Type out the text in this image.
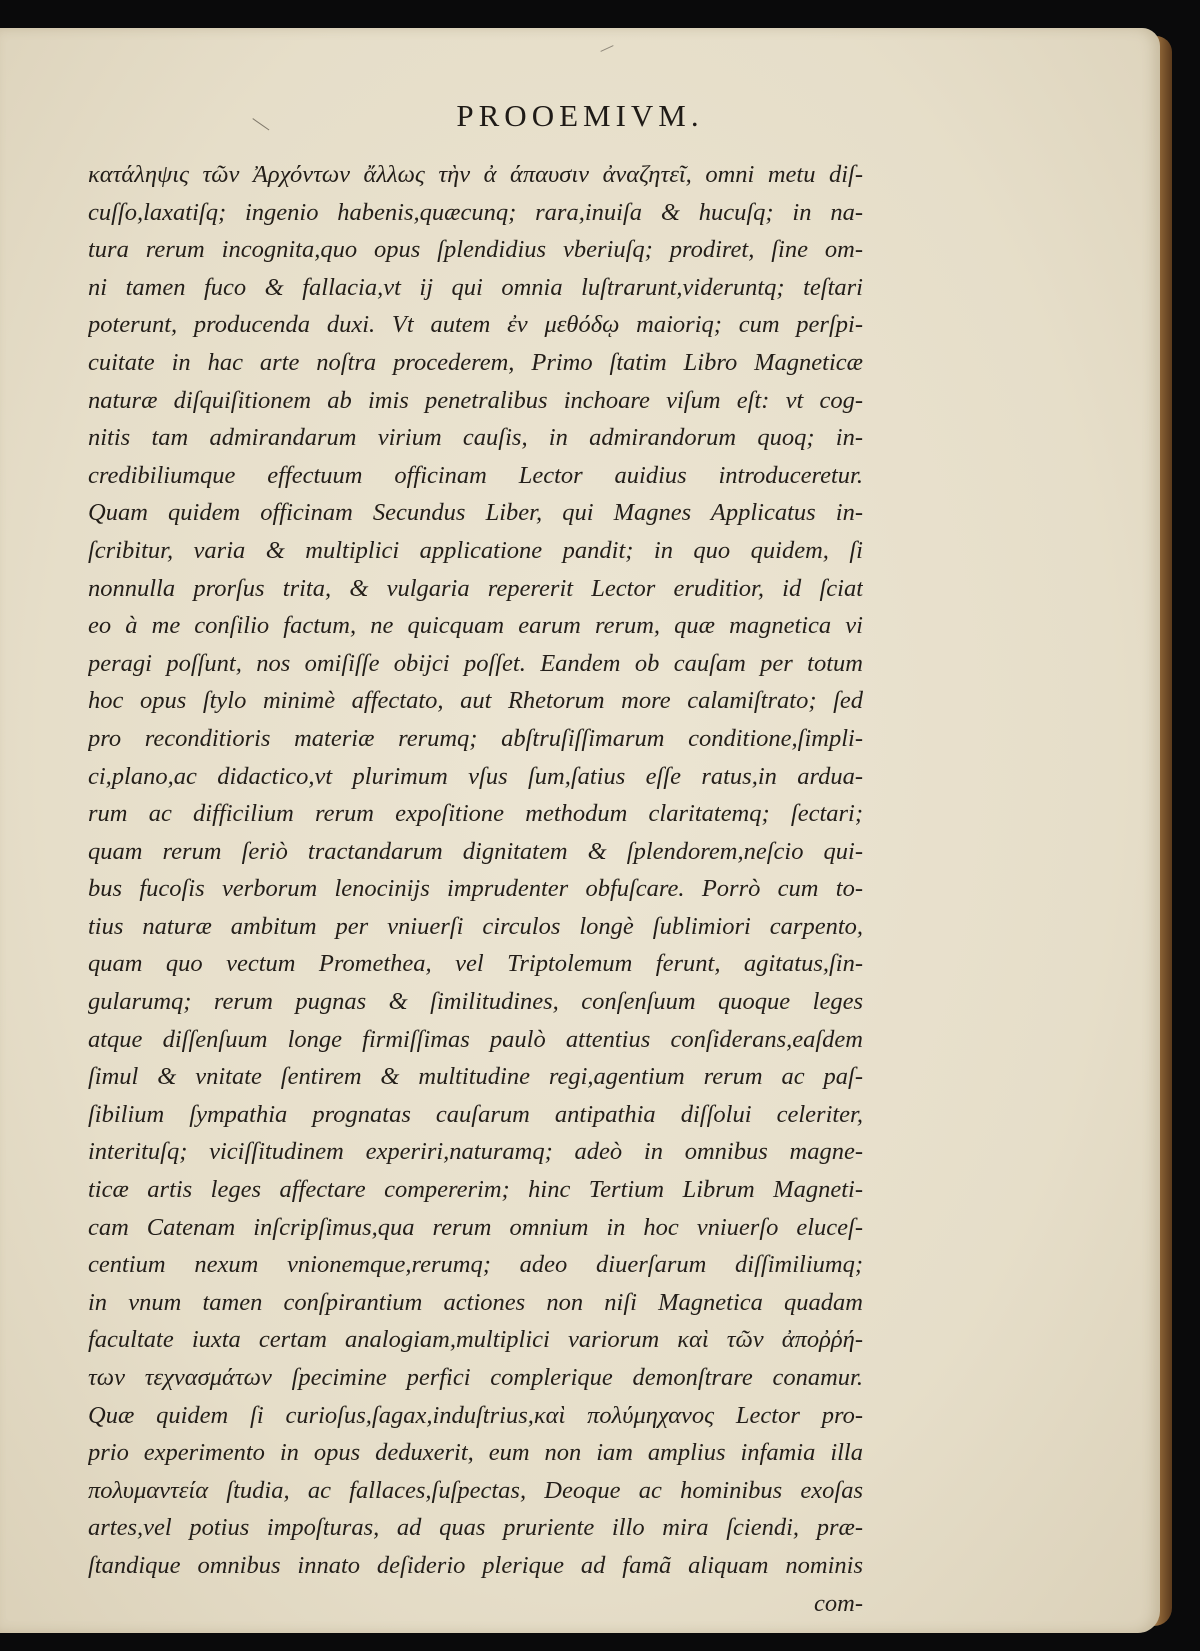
PROOEMIVM.
κατάληψις τῶν Ἀρχόντων ἄλλως τὴν ἀ άπαυσιν ἀναζητεῖ, omni metu diſ-
cuſſo,laxatiſq; ingenio habenis,quæcunq; rara,inuiſa & hucuſq; in na-
tura rerum incognita,quo opus ſplendidius vberiuſq; prodiret, ſine om-
ni tamen fuco & fallacia,vt ij qui omnia luſtrarunt,videruntq; teſtari
poterunt, producenda duxi. Vt autem ἐν μεθόδῳ maioriq; cum perſpi-
cuitate in hac arte noſtra procederem, Primo ſtatim Libro Magneticæ
naturæ diſquiſitionem ab imis penetralibus inchoare viſum eſt: vt cog-
nitis tam admirandarum virium cauſis, in admirandorum quoq; in-
credibiliumque effectuum officinam Lector auidius introduceretur.
Quam quidem officinam Secundus Liber, qui Magnes Applicatus in-
ſcribitur, varia & multiplici applicatione pandit; in quo quidem, ſi
nonnulla prorſus trita, & vulgaria repererit Lector eruditior, id ſciat
eo à me conſilio factum, ne quicquam earum rerum, quæ magnetica vi
peragi poſſunt, nos omiſiſſe obijci poſſet. Eandem ob cauſam per totum
hoc opus ſtylo minimè affectato, aut Rhetorum more calamiſtrato; ſed
pro reconditioris materiæ rerumq; abſtruſiſſimarum conditione,ſimpli-
ci,plano,ac didactico,vt plurimum vſus ſum,ſatius eſſe ratus,in ardua-
rum ac difficilium rerum expoſitione methodum claritatemq; ſectari;
quam rerum ſeriò tractandarum dignitatem & ſplendorem,neſcio qui-
bus fucoſis verborum lenocinijs imprudenter obfuſcare. Porrò cum to-
tius naturæ ambitum per vniuerſi circulos longè ſublimiori carpento,
quam quo vectum Promethea, vel Triptolemum ferunt, agitatus,ſin-
gularumq; rerum pugnas & ſimilitudines, conſenſuum quoque leges
atque diſſenſuum longe firmiſſimas paulò attentius conſiderans,eaſdem
ſimul & vnitate ſentirem & multitudine regi,agentium rerum ac paſ-
ſibilium ſympathia prognatas cauſarum antipathia diſſolui celeriter,
interituſq; viciſſitudinem experiri,naturamq; adeò in omnibus magne-
ticæ artis leges affectare compererim; hinc Tertium Librum Magneti-
cam Catenam inſcripſimus,qua rerum omnium in hoc vniuerſo eluceſ-
centium nexum vnionemque,rerumq; adeo diuerſarum diſſimiliumq;
in vnum tamen conſpirantium actiones non niſi Magnetica quadam
facultate iuxta certam analogiam,multiplici variorum καὶ τῶν ἀποῤῥή-
των τεχνασμάτων ſpecimine perfici complerique demonſtrare conamur.
Quæ quidem ſi curioſus,ſagax,induſtrius,καὶ πολύμηχανος Lector pro-
prio experimento in opus deduxerit, eum non iam amplius infamia illa
πολυμαντεία ſtudia, ac fallaces,ſuſpectas, Deoque ac hominibus exoſas
artes,vel potius impoſturas, ad quas pruriente illo mira ſciendi, præ-
ſtandique omnibus innato deſiderio plerique ad famã aliquam nominis
com-
